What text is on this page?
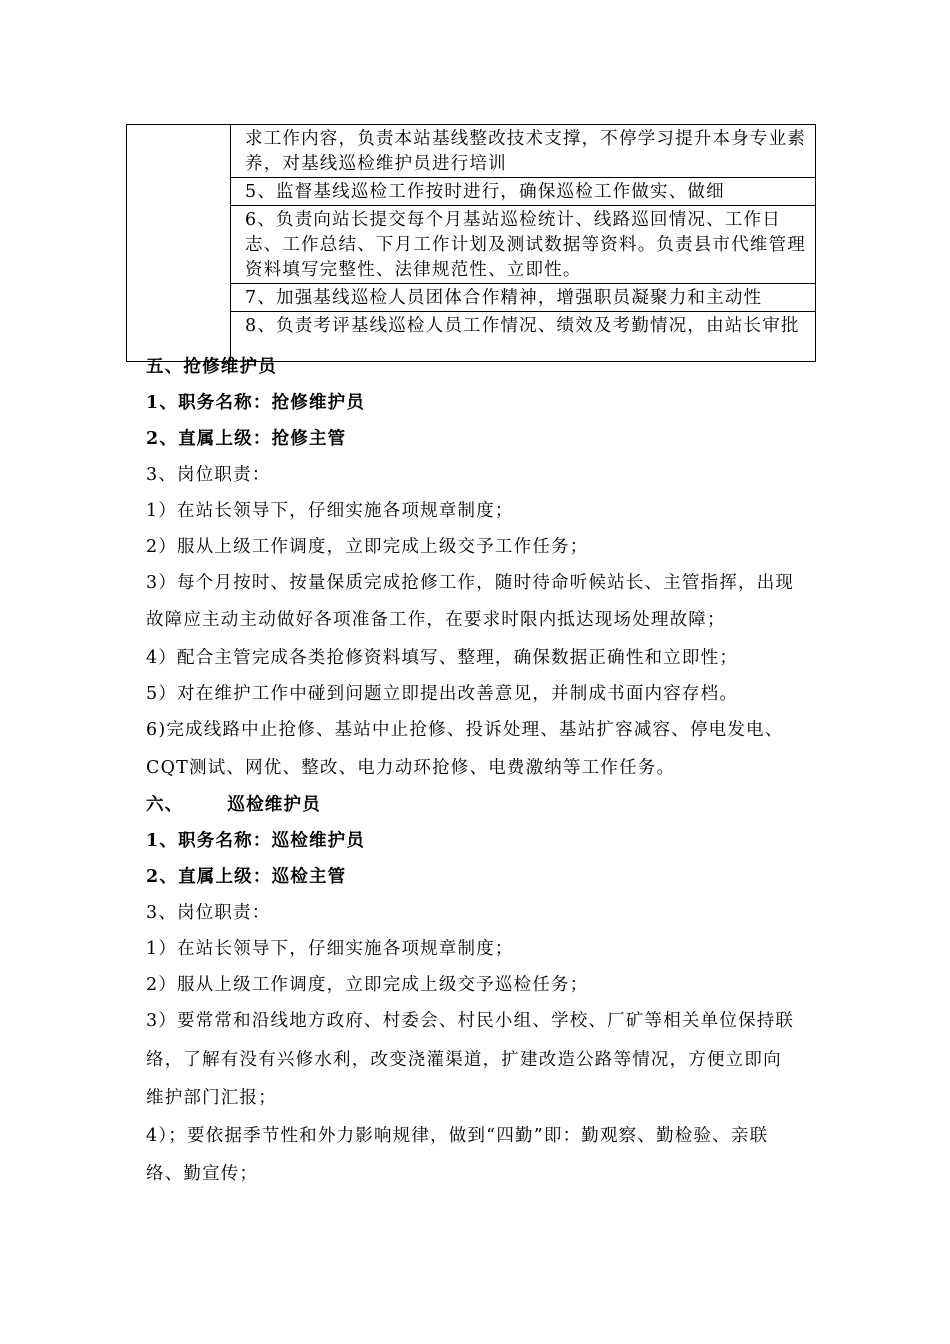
求工作内容，负责本站基线整改技术支撑，不停学习提升本身专业素养，对基线巡检维护员进行培训

5、监督基线巡检工作按时进行，确保巡检工作做实、做细

6、负责向站长提交每个月基站巡检统计、线路巡回情况、工作日志、工作总结、下月工作计划及测试数据等资料。负责县市代维管理资料填写完整性、法律规范性、立即性。

7、加强基线巡检人员团体合作精神，增强职员凝聚力和主动性

8、负责考评基线巡检人员工作情况、绩效及考勤情况，由站长审批
五、抢修维护员
1、职务名称：抢修维护员
2、直属上级：抢修主管
3、岗位职责：
1）在站长领导下，仔细实施各项规章制度；
2）服从上级工作调度，立即完成上级交予工作任务；
3）每个月按时、按量保质完成抢修工作，随时待命听候站长、主管指挥，出现
故障应主动主动做好各项准备工作，在要求时限内抵达现场处理故障；
4）配合主管完成各类抢修资料填写、整理，确保数据正确性和立即性；
5）对在维护工作中碰到问题立即提出改善意见，并制成书面内容存档。
6)完成线路中止抢修、基站中止抢修、投诉处理、基站扩容减容、停电发电、
CQT测试、网优、整改、电力动环抢修、电费激纳等工作任务。
六、	巡检维护员
1、职务名称：巡检维护员
2、直属上级：巡检主管
3、岗位职责：
1）在站长领导下，仔细实施各项规章制度；
2）服从上级工作调度，立即完成上级交予巡检任务；
3）要常常和沿线地方政府、村委会、村民小组、学校、厂矿等相关单位保持联
络，了解有没有兴修水利，改变浇灌渠道，扩建改造公路等情况，方便立即向
维护部门汇报；
4）；要依据季节性和外力影响规律，做到“四勤”即：勤观察、勤检验、亲联
络、勤宣传；
